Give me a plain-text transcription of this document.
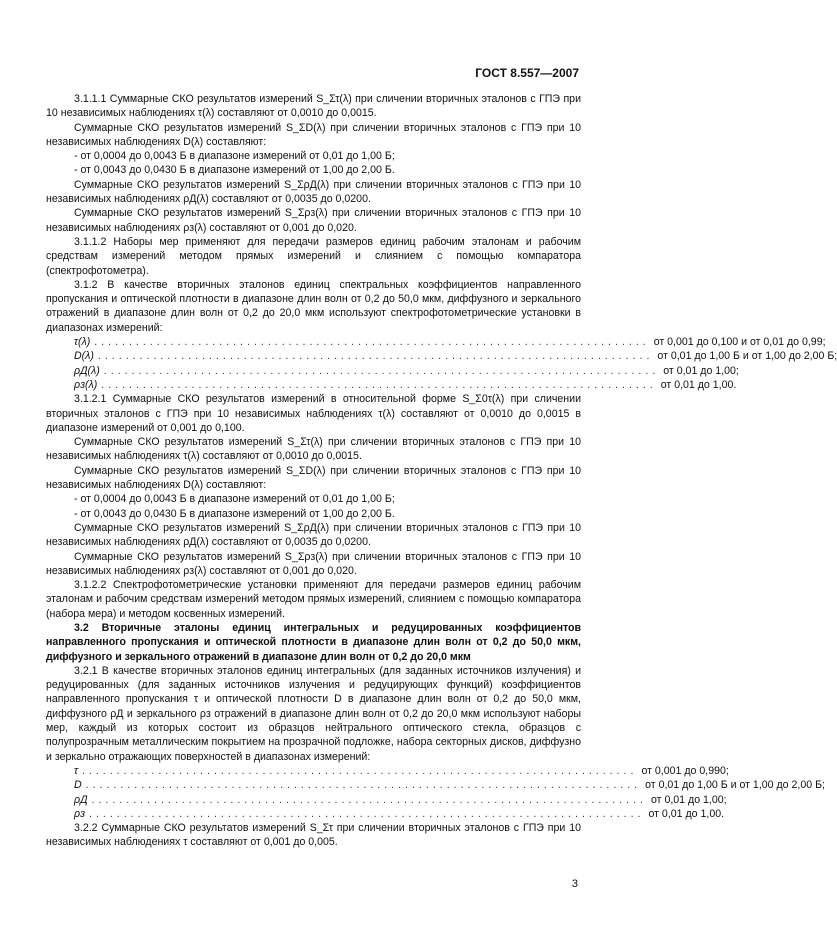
ГОСТ 8.557—2007

3.1.1.1 Суммарные СКО результатов измерений S_Στ(λ) при сличении вторичных эталонов с ГПЭ при 10 независимых наблюдениях τ(λ) составляют от 0,0010 до 0,0015.

Суммарные СКО результатов измерений S_ΣD(λ) при сличении вторичных эталонов с ГПЭ при 10 независимых наблюдениях D(λ) составляют:

- от 0,0004 до 0,0043 Б в диапазоне измерений от 0,01 до 1,00 Б;

- от 0,0043 до 0,0430 Б в диапазоне измерений от 1,00 до 2,00 Б.

Суммарные СКО результатов измерений S_ΣρД(λ) при сличении вторичных эталонов с ГПЭ при 10 независимых наблюдениях ρД(λ) составляют от 0,0035 до 0,0200.

Суммарные СКО результатов измерений S_Σρз(λ) при сличении вторичных эталонов с ГПЭ при 10 независимых наблюдениях ρз(λ) составляют от 0,001 до 0,020.

3.1.1.2 Наборы мер применяют для передачи размеров единиц рабочим эталонам и рабочим средствам измерений методом прямых измерений и слиянием с помощью компаратора (спектрофотометра).

3.1.2 В качестве вторичных эталонов единиц спектральных коэффициентов направленного пропускания и оптической плотности в диапазоне длин волн от 0,2 до 50,0 мкм, диффузного и зеркального отражений в диапазоне длин волн от 0,2 до 20,0 мкм используют спектрофотометрические установки в диапазонах измерений:

τ(λ) ................................................................................ от 0,001 до 0,100 и от 0,01 до 0,99;
D(λ) ................................................................................ от 0,01 до 1,00 Б и от 1,00 до 2,00 Б;
ρД(λ) ................................................................................ от 0,01 до 1,00;
ρз(λ) ................................................................................ от 0,01 до 1,00.

3.1.2.1 Суммарные СКО результатов измерений в относительной форме S_Σ0τ(λ) при сличении вторичных эталонов с ГПЭ при 10 независимых наблюдениях τ(λ) составляют от 0,0010 до 0,0015 в диапазоне измерений от 0,001 до 0,100.

Суммарные СКО результатов измерений S_Στ(λ) при сличении вторичных эталонов с ГПЭ при 10 независимых наблюдениях τ(λ) составляют от 0,0010 до 0,0015.

Суммарные СКО результатов измерений S_ΣD(λ) при сличении вторичных эталонов с ГПЭ при 10 независимых наблюдениях D(λ) составляют:

- от 0,0004 до 0,0043 Б в диапазоне измерений от 0,01 до 1,00 Б;

- от 0,0043 до 0,0430 Б в диапазоне измерений от 1,00 до 2,00 Б.

Суммарные СКО результатов измерений S_ΣρД(λ) при сличении вторичных эталонов с ГПЭ при 10 независимых наблюдениях ρД(λ) составляют от 0,0035 до 0,0200.

Суммарные СКО результатов измерений S_Σρз(λ) при сличении вторичных эталонов с ГПЭ при 10 независимых наблюдениях ρз(λ) составляют от 0,001 до 0,020.

3.1.2.2 Спектрофотометрические установки применяют для передачи размеров единиц рабочим эталонам и рабочим средствам измерений методом прямых измерений, слиянием с помощью компаратора (набора мера) и методом косвенных измерений.

3.2 Вторичные эталоны единиц интегральных и редуцированных коэффициентов направленного пропускания и оптической плотности в диапазоне длин волн от 0,2 до 50,0 мкм, диффузного и зеркального отражений в диапазоне длин волн от 0,2 до 20,0 мкм

3.2.1 В качестве вторичных эталонов единиц интегральных (для заданных источников излучения) и редуцированных (для заданных источников излучения и редуцирующих функций) коэффициентов направленного пропускания τ и оптической плотности D в диапазоне длин волн от 0,2 до 50,0 мкм, диффузного ρД и зеркального ρз отражений в диапазоне длин волн от 0,2 до 20,0 мкм используют наборы мер, каждый из которых состоит из образцов нейтрального оптического стекла, образцов с полупрозрачным металлическим покрытием на прозрачной подложке, набора секторных дисков, диффузно и зеркально отражающих поверхностей в диапазонах измерений:

τ ................................................................................ от 0,001 до 0,990;
D ................................................................................ от 0,01 до 1,00 Б и от 1,00 до 2,00 Б;
ρД ................................................................................ от 0,01 до 1,00;
ρз ................................................................................ от 0,01 до 1,00.

3.2.2 Суммарные СКО результатов измерений S_Στ при сличении вторичных эталонов с ГПЭ при 10 независимых наблюдениях τ составляют от 0,001 до 0,005.

3
